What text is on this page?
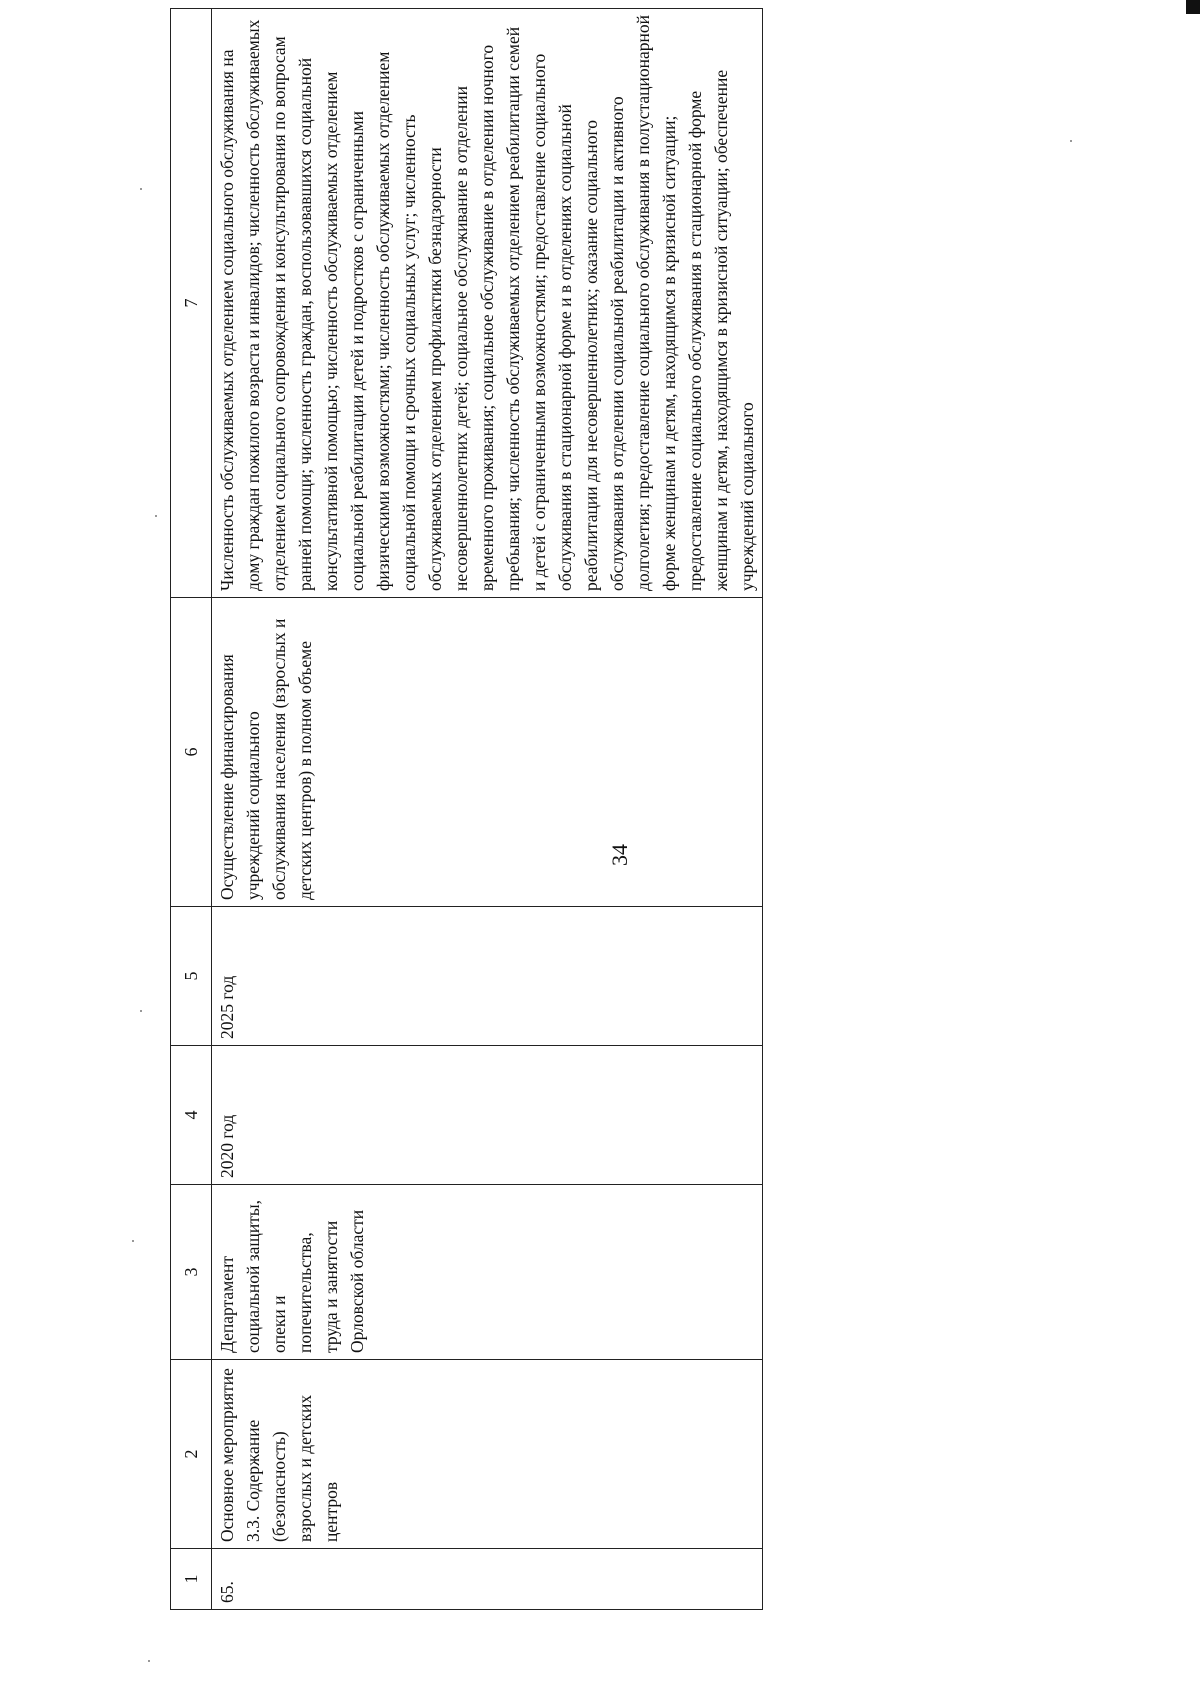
34
1	2	3	4	5	6	7
65.	Основное мероприятие 3.3. Содержание (безопасность) взрослых и детских центров	Департамент социальной защиты, опеки и попечительства, труда и занятости Орловской области	2020 год	2025 год	Осуществление финансирования учреждений социального обслуживания населения (взрослых и детских центров) в полном объеме	Численность обслуживаемых отделением социального обслуживания на дому граждан пожилого возраста и инвалидов; численность обслуживаемых отделением социального сопровождения и консультирования по вопросам ранней помощи; численность граждан, воспользовавшихся социальной консультативной помощью; численность обслуживаемых отделением социальной реабилитации детей и подростков с ограниченными физическими возможностями; численность обслуживаемых отделением социальной помощи и срочных социальных услуг; численность обслуживаемых отделением профилактики безнадзорности несовершеннолетних детей; социальное обслуживание в отделении временного проживания; социальное обслуживание в отделении ночного пребывания; численность обслуживаемых отделением реабилитации семей и детей с ограниченными возможностями; предоставление социального обслуживания в стационарной форме и в отделениях социальной реабилитации для несовершеннолетних; оказание социального обслуживания в отделении социальной реабилитации и активного долголетия; предоставление социального обслуживания в полустационарной форме женщинам и детям, находящимся в кризисной ситуации; предоставление социального обслуживания в стационарной форме женщинам и детям, находящимся в кризисной ситуации; обеспечение учреждений социального
